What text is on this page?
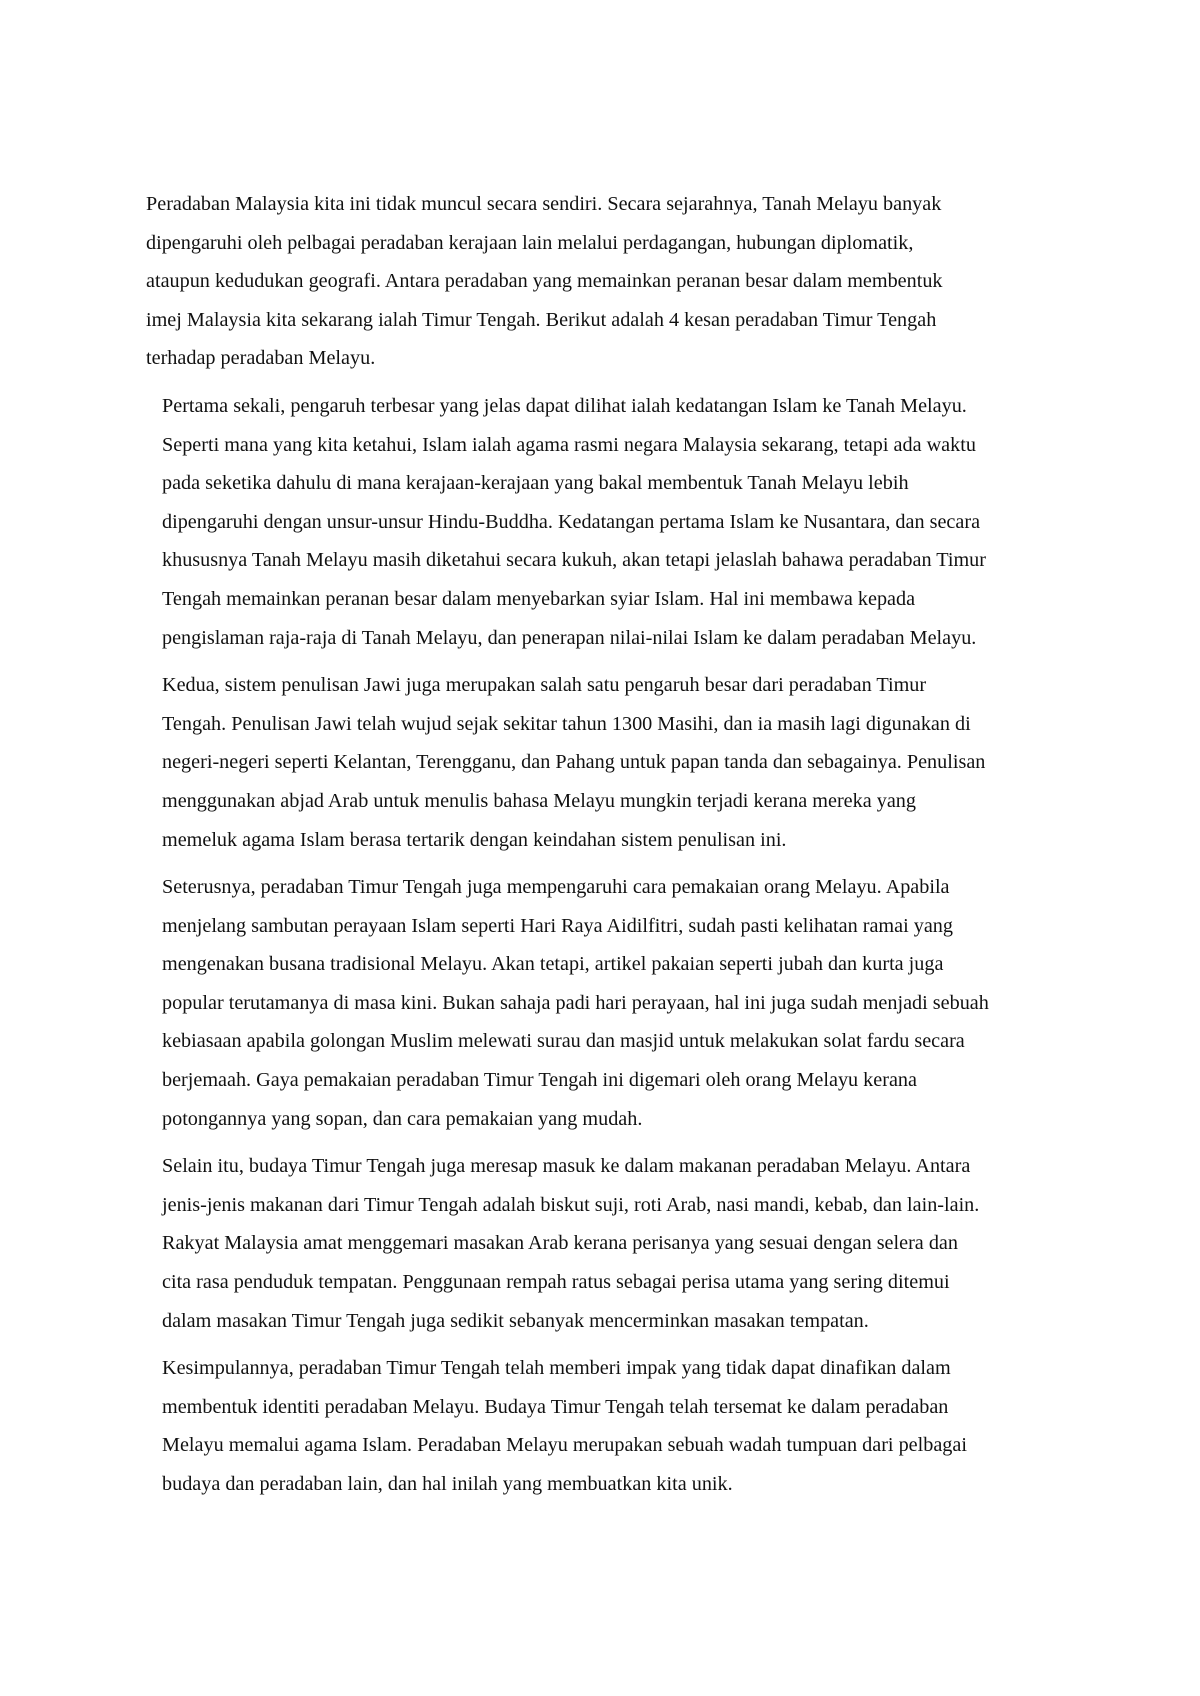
Peradaban Malaysia kita ini tidak muncul secara sendiri. Secara sejarahnya, Tanah Melayu banyak
dipengaruhi oleh pelbagai peradaban kerajaan lain melalui perdagangan, hubungan diplomatik,
ataupun kedudukan geografi. Antara peradaban yang memainkan peranan besar dalam membentuk
imej Malaysia kita sekarang ialah Timur Tengah. Berikut adalah 4 kesan peradaban Timur Tengah
terhadap peradaban Melayu.
Pertama sekali, pengaruh terbesar yang jelas dapat dilihat ialah kedatangan Islam ke Tanah Melayu.
Seperti mana yang kita ketahui, Islam ialah agama rasmi negara Malaysia sekarang, tetapi ada waktu
pada seketika dahulu di mana kerajaan-kerajaan yang bakal membentuk Tanah Melayu lebih
dipengaruhi dengan unsur-unsur Hindu-Buddha. Kedatangan pertama Islam ke Nusantara, dan secara
khususnya Tanah Melayu masih diketahui secara kukuh, akan tetapi jelaslah bahawa peradaban Timur
Tengah memainkan peranan besar dalam menyebarkan syiar Islam. Hal ini membawa kepada
pengislaman raja-raja di Tanah Melayu, dan penerapan nilai-nilai Islam ke dalam peradaban Melayu.
Kedua, sistem penulisan Jawi juga merupakan salah satu pengaruh besar dari peradaban Timur
Tengah. Penulisan Jawi telah wujud sejak sekitar tahun 1300 Masihi, dan ia masih lagi digunakan di
negeri-negeri seperti Kelantan, Terengganu, dan Pahang untuk papan tanda dan sebagainya. Penulisan
menggunakan abjad Arab untuk menulis bahasa Melayu mungkin terjadi kerana mereka yang
memeluk agama Islam berasa tertarik dengan keindahan sistem penulisan ini.
Seterusnya, peradaban Timur Tengah juga mempengaruhi cara pemakaian orang Melayu. Apabila
menjelang sambutan perayaan Islam seperti Hari Raya Aidilfitri, sudah pasti kelihatan ramai yang
mengenakan busana tradisional Melayu. Akan tetapi, artikel pakaian seperti jubah dan kurta juga
popular terutamanya di masa kini. Bukan sahaja padi hari perayaan, hal ini juga sudah menjadi sebuah
kebiasaan apabila golongan Muslim melewati surau dan masjid untuk melakukan solat fardu secara
berjemaah. Gaya pemakaian peradaban Timur Tengah ini digemari oleh orang Melayu kerana
potongannya yang sopan, dan cara pemakaian yang mudah.
Selain itu, budaya Timur Tengah juga meresap masuk ke dalam makanan peradaban Melayu. Antara
jenis-jenis makanan dari Timur Tengah adalah biskut suji, roti Arab, nasi mandi, kebab, dan lain-lain.
Rakyat Malaysia amat menggemari masakan Arab kerana perisanya yang sesuai dengan selera dan
cita rasa penduduk tempatan. Penggunaan rempah ratus sebagai perisa utama yang sering ditemui
dalam masakan Timur Tengah juga sedikit sebanyak mencerminkan masakan tempatan.
Kesimpulannya, peradaban Timur Tengah telah memberi impak yang tidak dapat dinafikan dalam
membentuk identiti peradaban Melayu. Budaya Timur Tengah telah tersemat ke dalam peradaban
Melayu memalui agama Islam. Peradaban Melayu merupakan sebuah wadah tumpuan dari pelbagai
budaya dan peradaban lain, dan hal inilah yang membuatkan kita unik.
